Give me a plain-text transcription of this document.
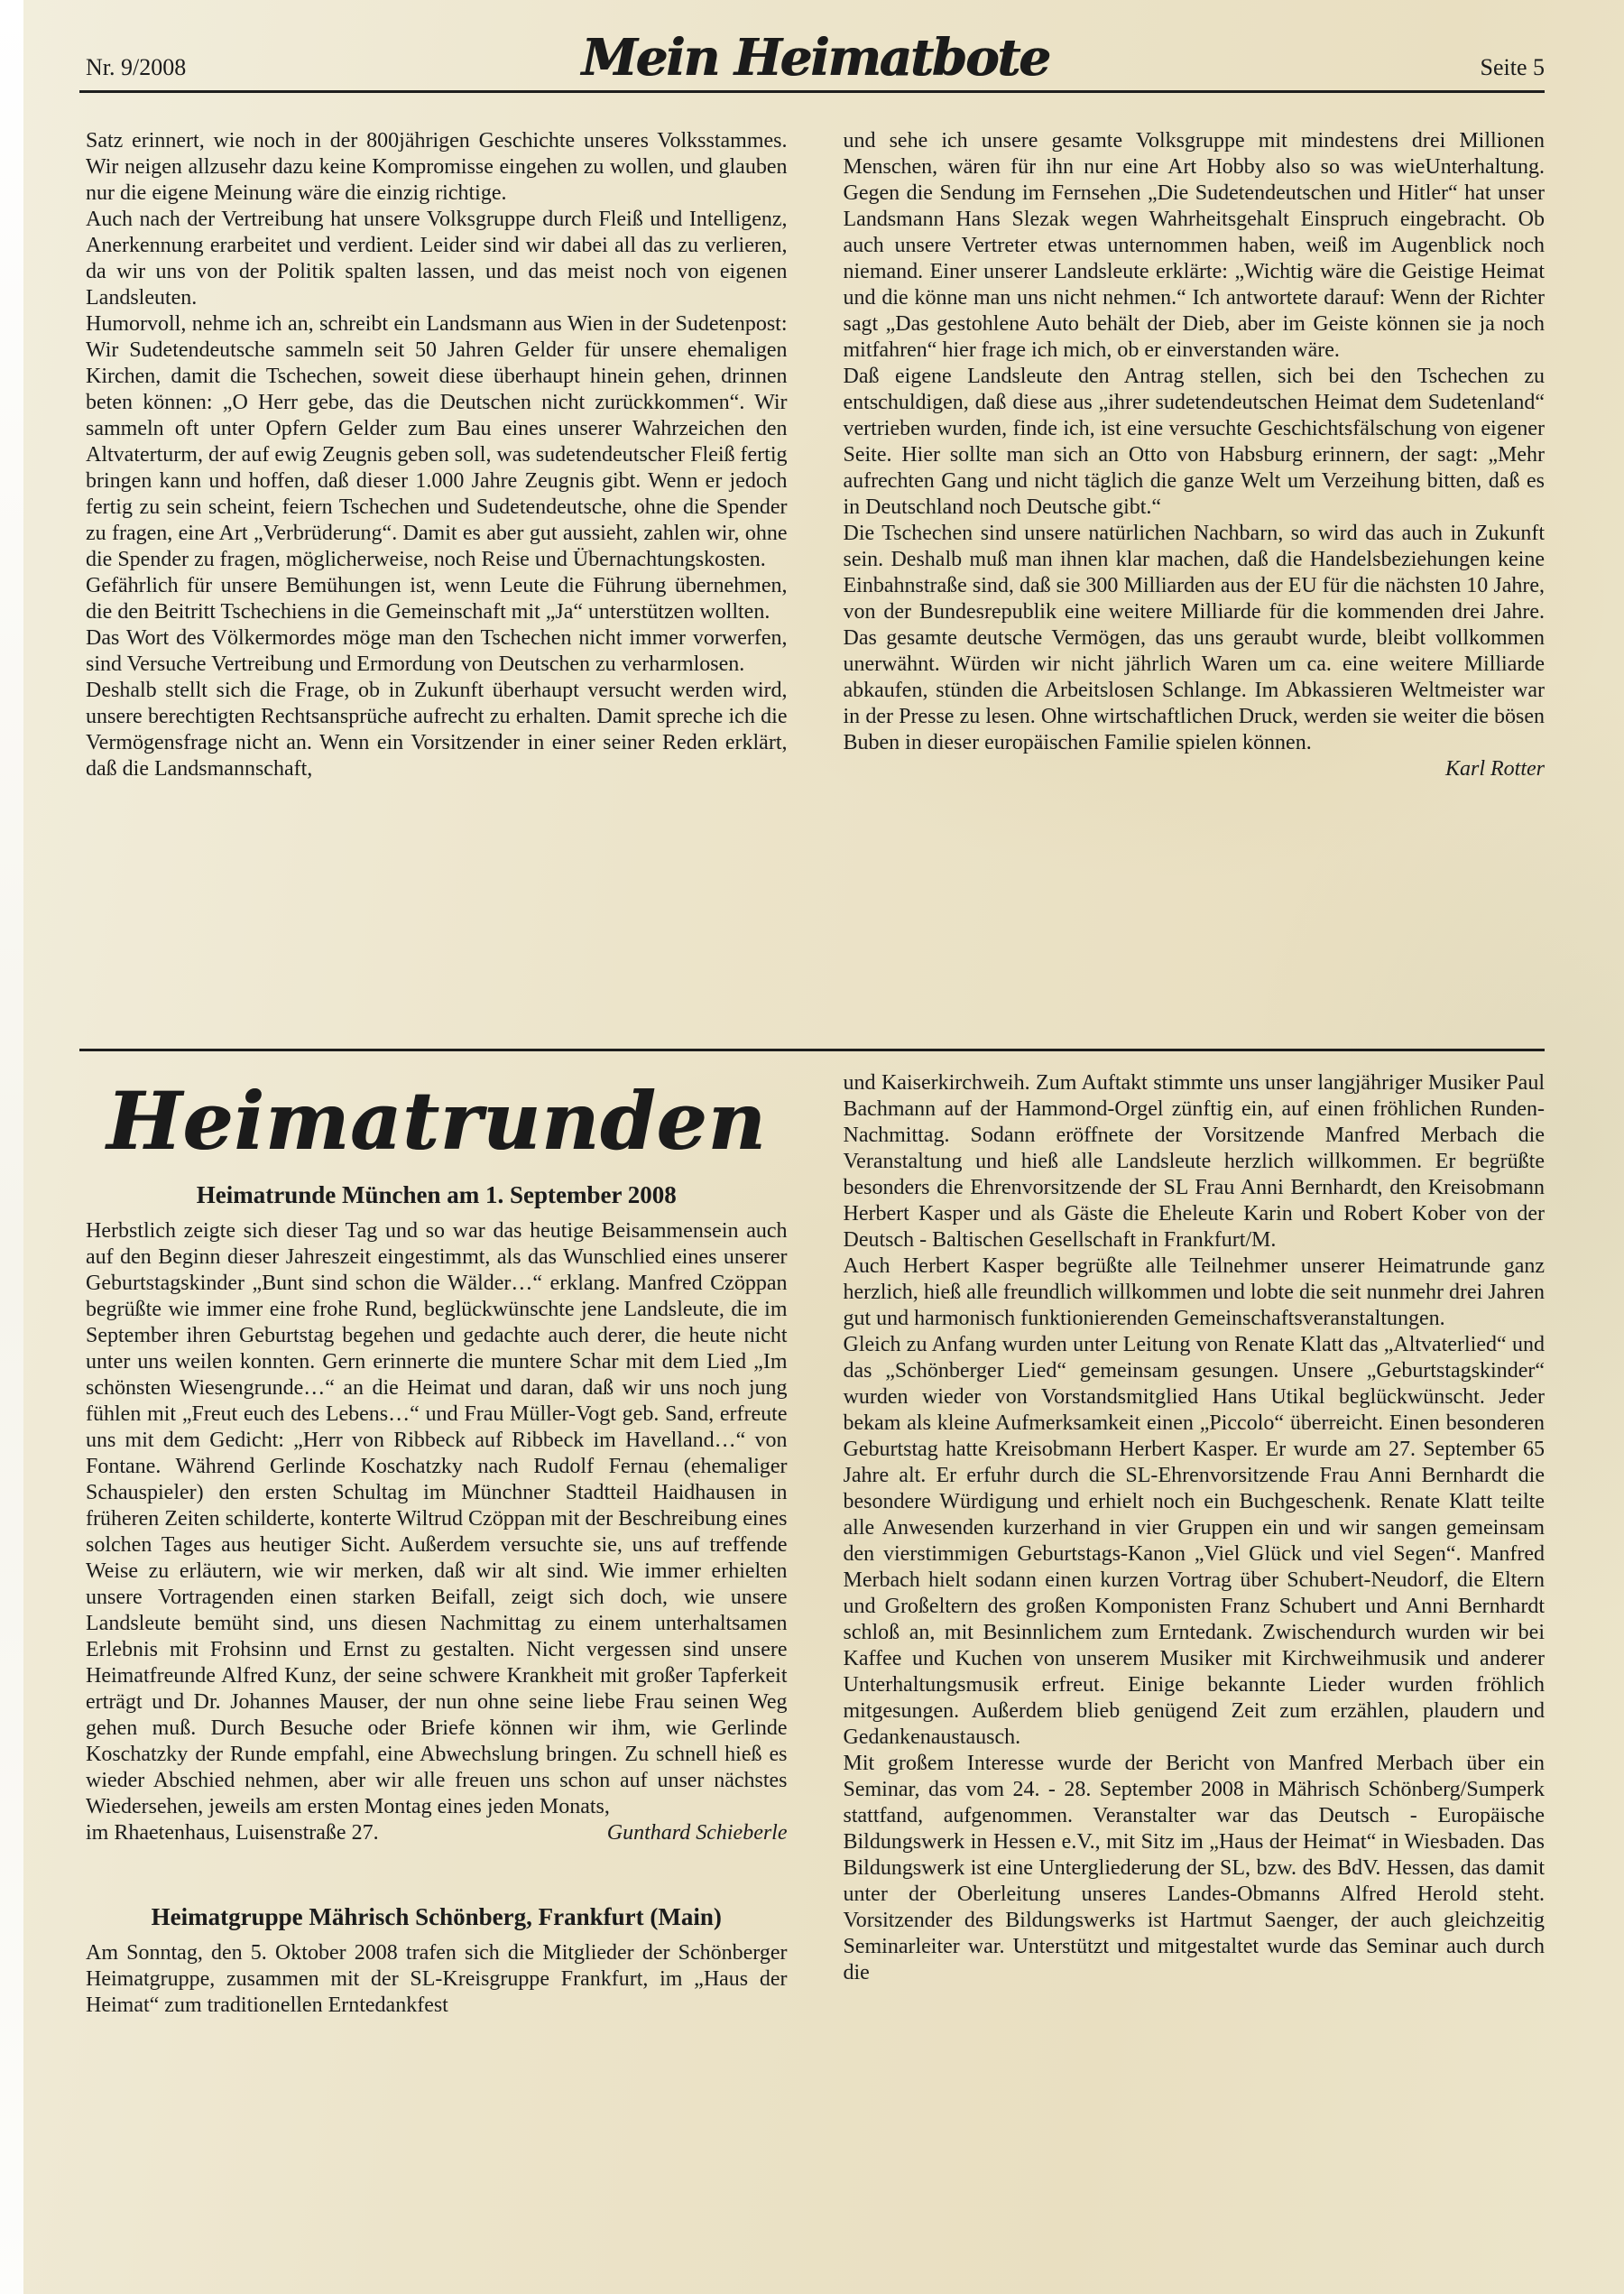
Nr. 9/2008	Mein Heimatbote	Seite 5

Satz erinnert, wie noch in der 800jährigen Geschichte unseres Volksstammes. Wir neigen allzusehr dazu keine Kompromisse eingehen zu wollen, und glauben nur die eigene Meinung wäre die einzig richtige.

Auch nach der Vertreibung hat unsere Volksgruppe durch Fleiß und Intelligenz, Anerkennung erarbeitet und verdient. Leider sind wir dabei all das zu verlieren, da wir uns von der Politik spalten lassen, und das meist noch von eigenen Landsleuten.

Humorvoll, nehme ich an, schreibt ein Landsmann aus Wien in der Sudetenpost: Wir Sudetendeutsche sammeln seit 50 Jahren Gelder für unsere ehemaligen Kirchen, damit die Tschechen, soweit diese überhaupt hinein gehen, drinnen beten können: „O Herr gebe, das die Deutschen nicht zurückkommen“. Wir sammeln oft unter Opfern Gelder zum Bau eines unserer Wahrzeichen den Altvaterturm, der auf ewig Zeugnis geben soll, was sudetendeutscher Fleiß fertig bringen kann und hoffen, daß dieser 1.000 Jahre Zeugnis gibt. Wenn er jedoch fertig zu sein scheint, feiern Tschechen und Sudetendeutsche, ohne die Spender zu fragen, eine Art „Verbrüderung“. Damit es aber gut aussieht, zahlen wir, ohne die Spender zu fragen, möglicherweise, noch Reise und Übernachtungskosten.

Gefährlich für unsere Bemühungen ist, wenn Leute die Führung übernehmen, die den Beitritt Tschechiens in die Gemeinschaft mit „Ja“ unterstützen wollten.

Das Wort des Völkermordes möge man den Tschechen nicht immer vorwerfen, sind Versuche Vertreibung und Ermordung von Deutschen zu verharmlosen.

Deshalb stellt sich die Frage, ob in Zukunft überhaupt versucht werden wird, unsere berechtigten Rechtsansprüche aufrecht zu erhalten. Damit spreche ich die Vermögensfrage nicht an. Wenn ein Vorsitzender in einer seiner Reden erklärt, daß die Landsmannschaft,

und sehe ich unsere gesamte Volksgruppe mit mindestens drei Millionen Menschen, wären für ihn nur eine Art Hobby also so was wieUnterhaltung. Gegen die Sendung im Fernsehen „Die Sudetendeutschen und Hitler“ hat unser Landsmann Hans Slezak wegen Wahrheitsgehalt Einspruch eingebracht. Ob auch unsere Vertreter etwas unternommen haben, weiß im Augenblick noch niemand. Einer unserer Landsleute erklärte: „Wichtig wäre die Geistige Heimat und die könne man uns nicht nehmen.“ Ich antwortete darauf: Wenn der Richter sagt „Das gestohlene Auto behält der Dieb, aber im Geiste können sie ja noch mitfahren“ hier frage ich mich, ob er einverstanden wäre.

Daß eigene Landsleute den Antrag stellen, sich bei den Tschechen zu entschuldigen, daß diese aus „ihrer sudetendeutschen Heimat dem Sudetenland“ vertrieben wurden, finde ich, ist eine versuchte Geschichtsfälschung von eigener Seite. Hier sollte man sich an Otto von Habsburg erinnern, der sagt: „Mehr aufrechten Gang und nicht täglich die ganze Welt um Verzeihung bitten, daß es in Deutschland noch Deutsche gibt.“

Die Tschechen sind unsere natürlichen Nachbarn, so wird das auch in Zukunft sein. Deshalb muß man ihnen klar machen, daß die Handelsbeziehungen keine Einbahnstraße sind, daß sie 300 Milliarden aus der EU für die nächsten 10 Jahre, von der Bundesrepublik eine weitere Milliarde für die kommenden drei Jahre. Das gesamte deutsche Vermögen, das uns geraubt wurde, bleibt vollkommen unerwähnt. Würden wir nicht jährlich Waren um ca. eine weitere Milliarde abkaufen, stünden die Arbeitslosen Schlange. Im Abkassieren Weltmeister war in der Presse zu lesen. Ohne wirtschaftlichen Druck, werden sie weiter die bösen Buben in dieser europäischen Familie spielen können.

Karl Rotter

Heimatrunden
Heimatrunde München am 1. September 2008

Herbstlich zeigte sich dieser Tag und so war das heutige Beisammensein auch auf den Beginn dieser Jahreszeit eingestimmt, als das Wunschlied eines unserer Geburtstagskinder „Bunt sind schon die Wälder…“ erklang. Manfred Czöppan begrüßte wie immer eine frohe Rund, beglückwünschte jene Landsleute, die im September ihren Geburtstag begehen und gedachte auch derer, die heute nicht unter uns weilen konnten. Gern erinnerte die muntere Schar mit dem Lied „Im schönsten Wiesengrunde…“ an die Heimat und daran, daß wir uns noch jung fühlen mit „Freut euch des Lebens…“ und Frau Müller-Vogt geb. Sand, erfreute uns mit dem Gedicht: „Herr von Ribbeck auf Ribbeck im Havelland…“ von Fontane. Während Gerlinde Koschatzky nach Rudolf Fernau (ehemaliger Schauspieler) den ersten Schultag im Münchner Stadtteil Haidhausen in früheren Zeiten schilderte, konterte Wiltrud Czöppan mit der Beschreibung eines solchen Tages aus heutiger Sicht. Außerdem versuchte sie, uns auf treffende Weise zu erläutern, wie wir merken, daß wir alt sind. Wie immer erhielten unsere Vortragenden einen starken Beifall, zeigt sich doch, wie unsere Landsleute bemüht sind, uns diesen Nachmittag zu einem unterhaltsamen Erlebnis mit Frohsinn und Ernst zu gestalten. Nicht vergessen sind unsere Heimatfreunde Alfred Kunz, der seine schwere Krankheit mit großer Tapferkeit erträgt und Dr. Johannes Mauser, der nun ohne seine liebe Frau seinen Weg gehen muß. Durch Besuche oder Briefe können wir ihm, wie Gerlinde Koschatzky der Runde empfahl, eine Abwechslung bringen. Zu schnell hieß es wieder Abschied nehmen, aber wir alle freuen uns schon auf unser nächstes Wiedersehen, jeweils am ersten Montag eines jeden Monats,

im Rhaetenhaus, Luisenstraße 27.	Gunthard Schieberle
Heimatgruppe Mährisch Schönberg, Frankfurt (Main)

Am Sonntag, den 5. Oktober 2008 trafen sich die Mitglieder der Schönberger Heimatgruppe, zusammen mit der SL-Kreisgruppe Frankfurt, im „Haus der Heimat“ zum traditionellen Erntedankfest

und Kaiserkirchweih. Zum Auftakt stimmte uns unser langjähriger Musiker Paul Bachmann auf der Hammond-Orgel zünftig ein, auf einen fröhlichen Runden-Nachmittag. Sodann eröffnete der Vorsitzende Manfred Merbach die Veranstaltung und hieß alle Landsleute herzlich willkommen. Er begrüßte besonders die Ehrenvorsitzende der SL Frau Anni Bernhardt, den Kreisobmann Herbert Kasper und als Gäste die Eheleute Karin und Robert Kober von der Deutsch - Baltischen Gesellschaft in Frankfurt/M.

Auch Herbert Kasper begrüßte alle Teilnehmer unserer Heimatrunde ganz herzlich, hieß alle freundlich willkommen und lobte die seit nunmehr drei Jahren gut und harmonisch funktionierenden Gemeinschaftsveranstaltungen.

Gleich zu Anfang wurden unter Leitung von Renate Klatt das „Altvaterlied“ und das „Schönberger Lied“ gemeinsam gesungen. Unsere „Geburtstagskinder“ wurden wieder von Vorstandsmitglied Hans Utikal beglückwünscht. Jeder bekam als kleine Aufmerksamkeit einen „Piccolo“ überreicht. Einen besonderen Geburtstag hatte Kreisobmann Herbert Kasper. Er wurde am 27. September 65 Jahre alt. Er erfuhr durch die SL-Ehrenvorsitzende Frau Anni Bernhardt die besondere Würdigung und erhielt noch ein Buchgeschenk. Renate Klatt teilte alle Anwesenden kurzerhand in vier Gruppen ein und wir sangen gemeinsam den vierstimmigen Geburtstags-Kanon „Viel Glück und viel Segen“. Manfred Merbach hielt sodann einen kurzen Vortrag über Schubert-Neudorf, die Eltern und Großeltern des großen Komponisten Franz Schubert und Anni Bernhardt schloß an, mit Besinnlichem zum Erntedank. Zwischendurch wurden wir bei Kaffee und Kuchen von unserem Musiker mit Kirchweihmusik und anderer Unterhaltungsmusik erfreut. Einige bekannte Lieder wurden fröhlich mitgesungen. Außerdem blieb genügend Zeit zum erzählen, plaudern und Gedankenaustausch.

Mit großem Interesse wurde der Bericht von Manfred Merbach über ein Seminar, das vom 24. - 28. September 2008 in Mährisch Schönberg/Sumperk stattfand, aufgenommen. Veranstalter war das Deutsch - Europäische Bildungswerk in Hessen e.V., mit Sitz im „Haus der Heimat“ in Wiesbaden. Das Bildungswerk ist eine Untergliederung der SL, bzw. des BdV. Hessen, das damit unter der Oberleitung unseres Landes-Obmanns Alfred Herold steht. Vorsitzender des Bildungswerks ist Hartmut Saenger, der auch gleichzeitig Seminarleiter war. Unterstützt und mitgestaltet wurde das Seminar auch durch die
